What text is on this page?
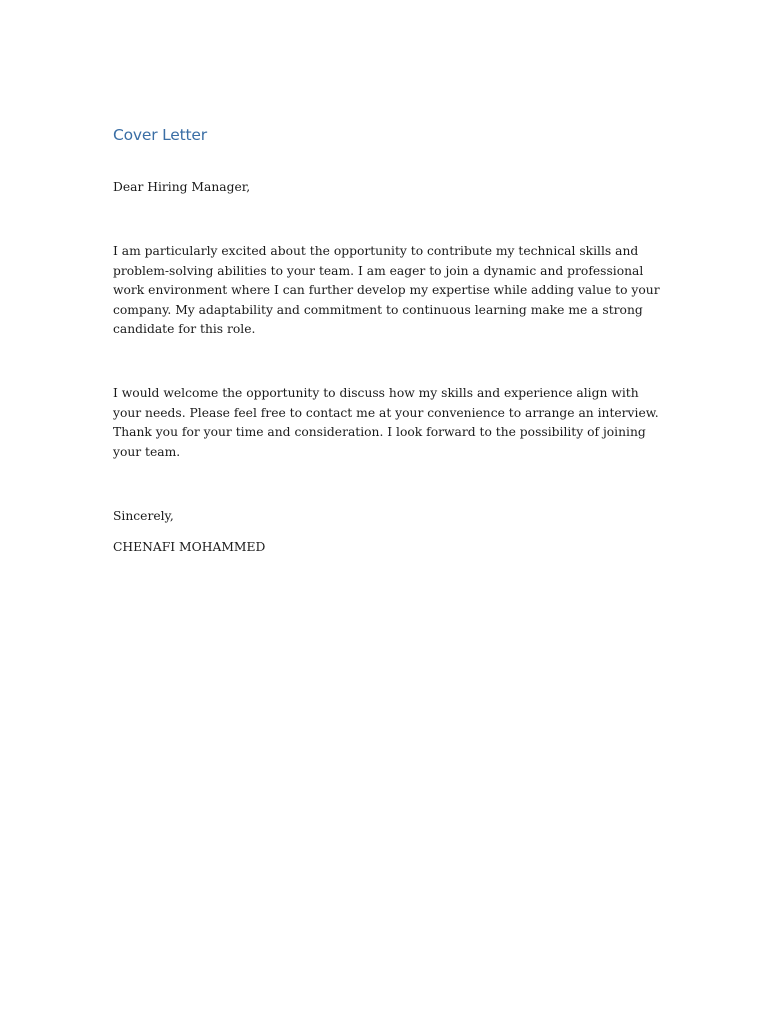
Cover Letter

Dear Hiring Manager,

I am particularly excited about the opportunity to contribute my technical skills and problem-solving abilities to your team. I am eager to join a dynamic and professional work environment where I can further develop my expertise while adding value to your company. My adaptability and commitment to continuous learning make me a strong candidate for this role.

I would welcome the opportunity to discuss how my skills and experience align with your needs. Please feel free to contact me at your convenience to arrange an interview. Thank you for your time and consideration. I look forward to the possibility of joining your team.

Sincerely,

CHENAFI MOHAMMED
